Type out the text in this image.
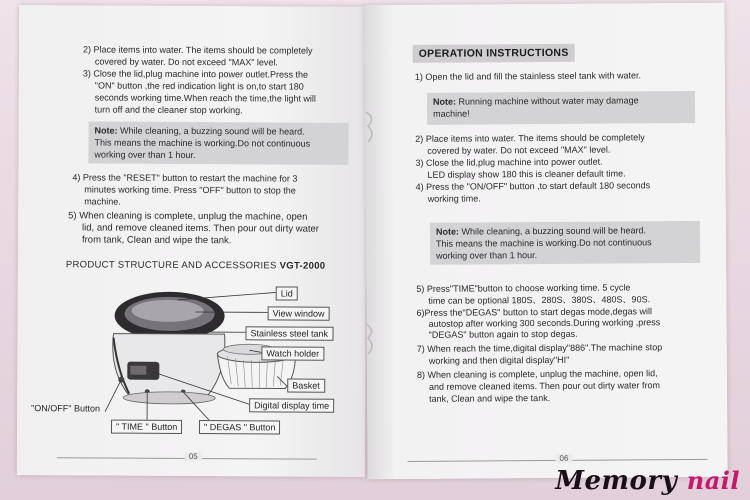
2) Place items into water. The items should be completely
covered by water. Do not exceed "MAX" level.
3) Close the lid,plug machine into power outlet.Press the
"ON" button ,the red indication light is on,to start 180
seconds working time.When reach the time,the light will
turn off and the cleaner stop working.
Note: While cleaning, a buzzing sound will be heard.
This means the machine is working.Do not continuous
working over than 1 hour.
4) Press the "RESET" button to restart the machine for 3
minutes working time. Press "OFF" button to stop the
machine.
5) When cleaning is complete, unplug the machine, open
lid, and remove cleaned items. Then pour out dirty water
from tank, Clean and wipe the tank.
PRODUCT STRUCTURE AND ACCESSORIES VGT-2000
Lid
View window
Stainless steel tank
Watch holder
Basket
Digital display time
"ON/OFF" Button
" TIME " Button	" DEGAS " Button
05
OPERATION INSTRUCTIONS
1) Open the lid and fill the stainless steel tank with water.
Note: Running machine without water may damage
machine!
2) Place items into water. The items should be completely
covered by water. Do not exceed "MAX" level.
3) Close the lid,plug machine into power outlet.
LED display show 180 this is cleaner default time.
4) Press the "ON/OFF" button ,to start default 180 seconds
working time.
Note: While cleaning, a buzzing sound will be heard.
This means the machine is working.Do not continuous
working over than 1 hour.
5) Press"TIME"button to choose working time. 5 cycle
time can be optional 180S、280S、380S、480S、90S.
6)Press the"DEGAS" button to start degas mode,degas will
autostop after working 300 seconds.During working ,press
"DEGAS" button again to stop degas.
7) When reach the time,digital display"886".The machine stop
working and then digital display"HI"
8) When cleaning is complete, unplug the machine, open lid,
and remove cleaned items. Then pour out dirty water from
tank, Clean and wipe the tank.
06
Memory nail
